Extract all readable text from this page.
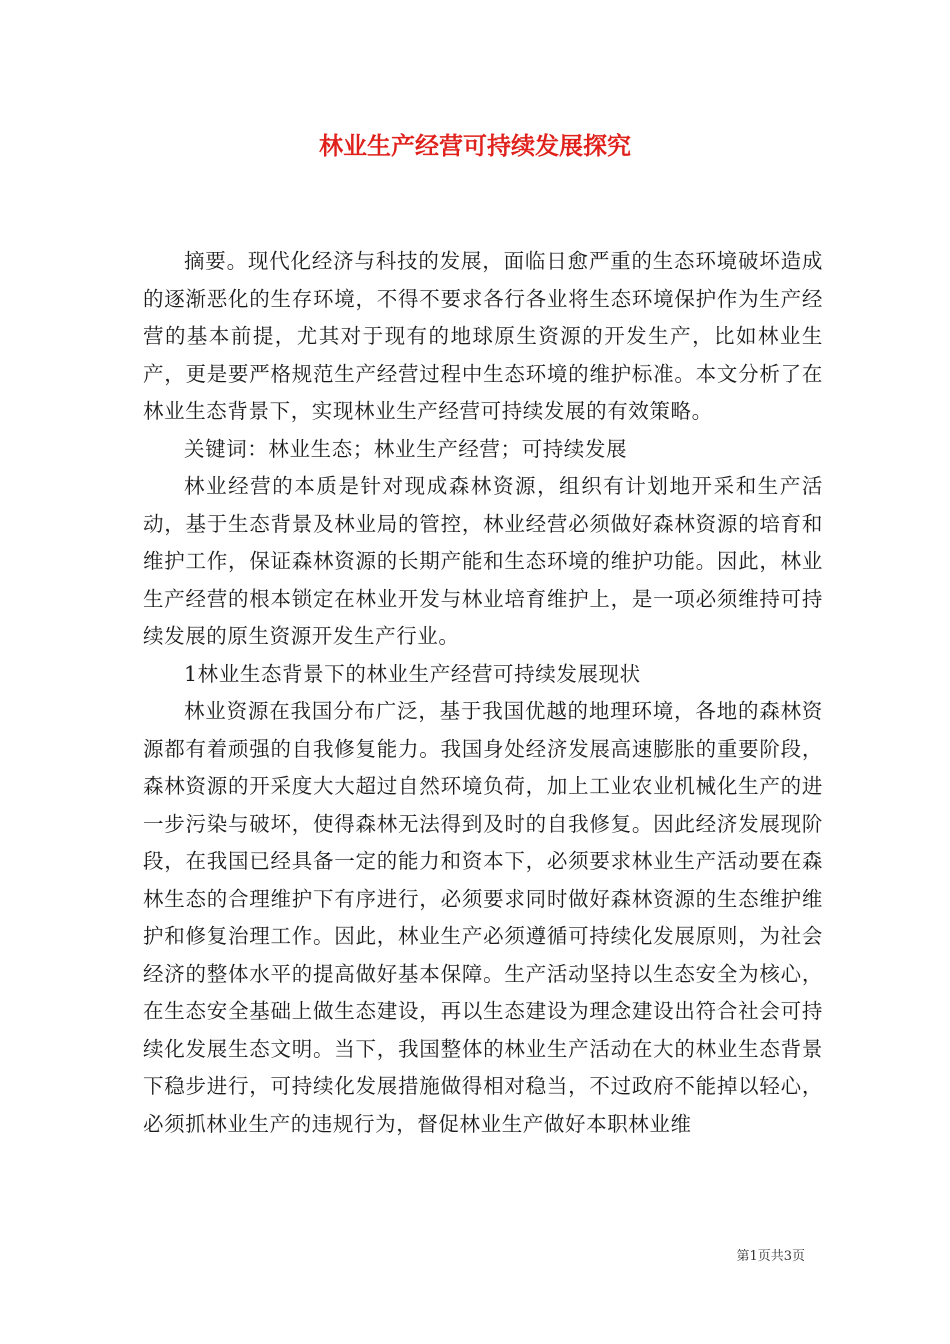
林业生产经营可持续发展探究

摘要。现代化经济与科技的发展，面临日愈严重的生态环境破坏造成的逐渐恶化的生存环境，不得不要求各行各业将生态环境保护作为生产经营的基本前提，尤其对于现有的地球原生资源的开发生产，比如林业生产，更是要严格规范生产经营过程中生态环境的维护标准。本文分析了在林业生态背景下，实现林业生产经营可持续发展的有效策略。

关键词：林业生态；林业生产经营；可持续发展

林业经营的本质是针对现成森林资源，组织有计划地开采和生产活动，基于生态背景及林业局的管控，林业经营必须做好森林资源的培育和维护工作，保证森林资源的长期产能和生态环境的维护功能。因此，林业生产经营的根本锁定在林业开发与林业培育维护上，是一项必须维持可持续发展的原生资源开发生产行业。

1林业生态背景下的林业生产经营可持续发展现状

林业资源在我国分布广泛，基于我国优越的地理环境，各地的森林资源都有着顽强的自我修复能力。我国身处经济发展高速膨胀的重要阶段，森林资源的开采度大大超过自然环境负荷，加上工业农业机械化生产的进一步污染与破坏，使得森林无法得到及时的自我修复。因此经济发展现阶段，在我国已经具备一定的能力和资本下，必须要求林业生产活动要在森林生态的合理维护下有序进行，必须要求同时做好森林资源的生态维护维护和修复治理工作。因此，林业生产必须遵循可持续化发展原则，为社会经济的整体水平的提高做好基本保障。生产活动坚持以生态安全为核心，在生态安全基础上做生态建设，再以生态建设为理念建设出符合社会可持续化发展生态文明。当下，我国整体的林业生产活动在大的林业生态背景下稳步进行，可持续化发展措施做得相对稳当，不过政府不能掉以轻心，必须抓林业生产的违规行为，督促林业生产做好本职林业维

第1页共3页
